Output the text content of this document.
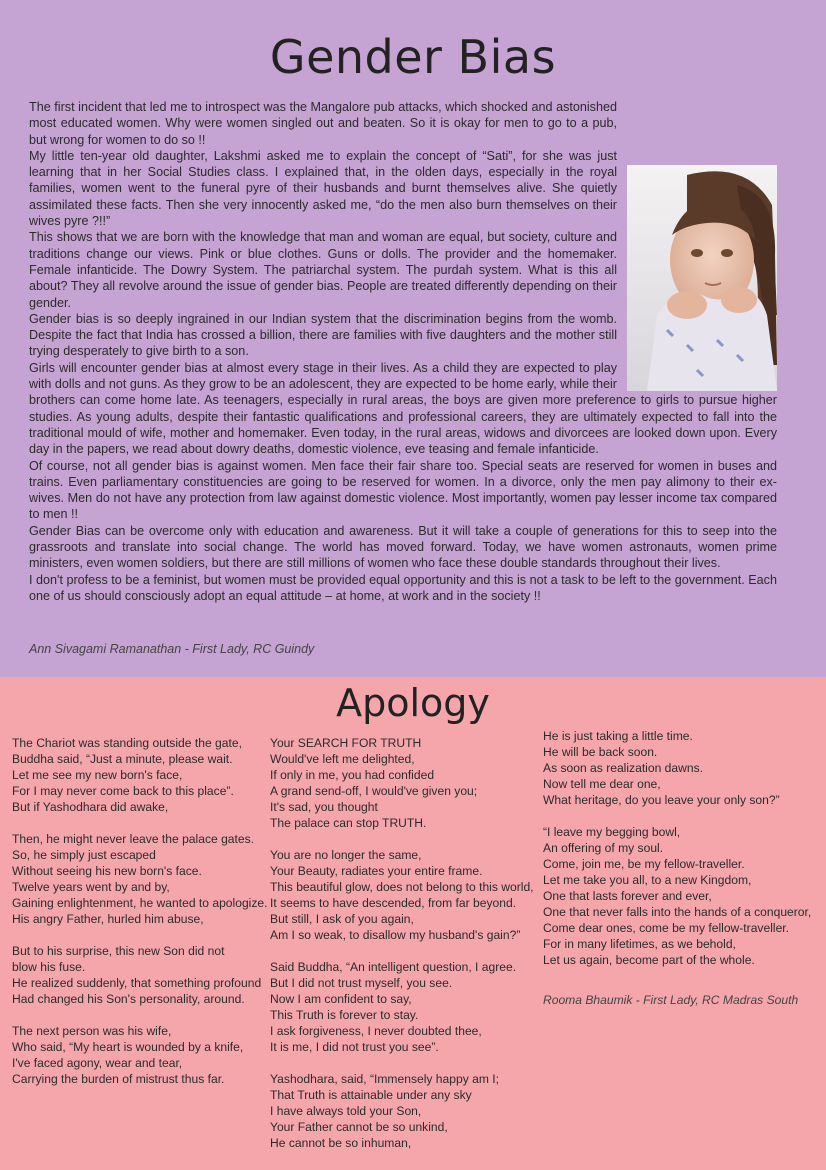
Gender Bias

The first incident that led me to introspect was the Mangalore pub attacks, which shocked and astonished most educated women. Why were women singled out and beaten. So it is okay for men to go to a pub, but wrong for women to do so !!

My little ten-year old daughter, Lakshmi asked me to explain the concept of “Sati”, for she was just learning that in her Social Studies class. I explained that, in the olden days, especially in the royal families, women went to the funeral pyre of their husbands and burnt themselves alive. She quietly assimilated these facts. Then she very innocently asked me, “do the men also burn themselves on their wives pyre ?!!”

This shows that we are born with the knowledge that man and woman are equal, but society, culture and traditions change our views. Pink or blue clothes. Guns or dolls. The provider and the homemaker. Female infanticide. The Dowry System. The patriarchal system. The purdah system. What is this all about? They all revolve around the issue of gender bias. People are treated differently depending on their gender.

Gender bias is so deeply ingrained in our Indian system that the discrimination begins from the womb. Despite the fact that India has crossed a billion, there are families with five daughters and the mother still trying desperately to give birth to a son.

Girls will encounter gender bias at almost every stage in their lives. As a child they are expected to play with dolls and not guns. As they grow to be an adolescent, they are expected to be home early, while their brothers can come home late. As teenagers, especially in rural areas, the boys are given more preference to girls to pursue higher studies. As young adults, despite their fantastic qualifications and professional careers, they are ultimately expected to fall into the traditional mould of wife, mother and homemaker. Even today, in the rural areas, widows and divorcees are looked down upon. Every day in the papers, we read about dowry deaths, domestic violence, eve teasing and female infanticide.

Of course, not all gender bias is against women. Men face their fair share too. Special seats are reserved for women in buses and trains. Even parliamentary constituencies are going to be reserved for women. In a divorce, only the men pay alimony to their ex-wives. Men do not have any protection from law against domestic violence. Most importantly, women pay lesser income tax compared to men !!

Gender Bias can be overcome only with education and awareness. But it will take a couple of generations for this to seep into the grassroots and translate into social change. The world has moved forward. Today, we have women astronauts, women prime ministers, even women soldiers, but there are still millions of women who face these double standards throughout their lives.

I don't profess to be a feminist, but women must be provided equal opportunity and this is not a task to be left to the government. Each one of us should consciously adopt an equal attitude – at home, at work and in the society !!

Ann Sivagami Ramanathan - First Lady, RC Guindy
Apology
The Chariot was standing outside the gate,
Buddha said, “Just a minute, please wait.
Let me see my new born's face,
For I may never come back to this place”.
But if Yashodhara did awake,
Then, he might never leave the palace gates.
So, he simply just escaped
Without seeing his new born's face.
Twelve years went by and by,
Gaining enlightenment, he wanted to apologize.
His angry Father, hurled him abuse,
But to his surprise, this new Son did not
blow his fuse.
He realized suddenly, that something profound
Had changed his Son's personality, around.
The next person was his wife,
Who said, “My heart is wounded by a knife,
I've faced agony, wear and tear,
Carrying the burden of mistrust thus far.
Your SEARCH FOR TRUTH
Would've left me delighted,
If only in me, you had confided
A grand send-off, I would've given you;
It's sad, you thought
The palace can stop TRUTH.
You are no longer the same,
Your Beauty, radiates your entire frame.
This beautiful glow, does not belong to this world,
It seems to have descended, from far beyond.
But still, I ask of you again,
Am I so weak, to disallow my husband's gain?”
Said Buddha, “An intelligent question, I agree.
But I did not trust myself, you see.
Now I am confident to say,
This Truth is forever to stay.
I ask forgiveness, I never doubted thee,
It is me, I did not trust you see”.
Yashodhara, said, “Immensely happy am I;
That Truth is attainable under any sky
I have always told your Son,
Your Father cannot be so unkind,
He cannot be so inhuman,
He is just taking a little time.
He will be back soon.
As soon as realization dawns.
Now tell me dear one,
What heritage, do you leave your only son?”
“I leave my begging bowl,
An offering of my soul.
Come, join me, be my fellow-traveller.
Let me take you all, to a new Kingdom,
One that lasts forever and ever,
One that never falls into the hands of a conqueror,
Come dear ones, come be my fellow-traveller.
For in many lifetimes, as we behold,
Let us again, become part of the whole.
Rooma Bhaumik - First Lady, RC Madras South
